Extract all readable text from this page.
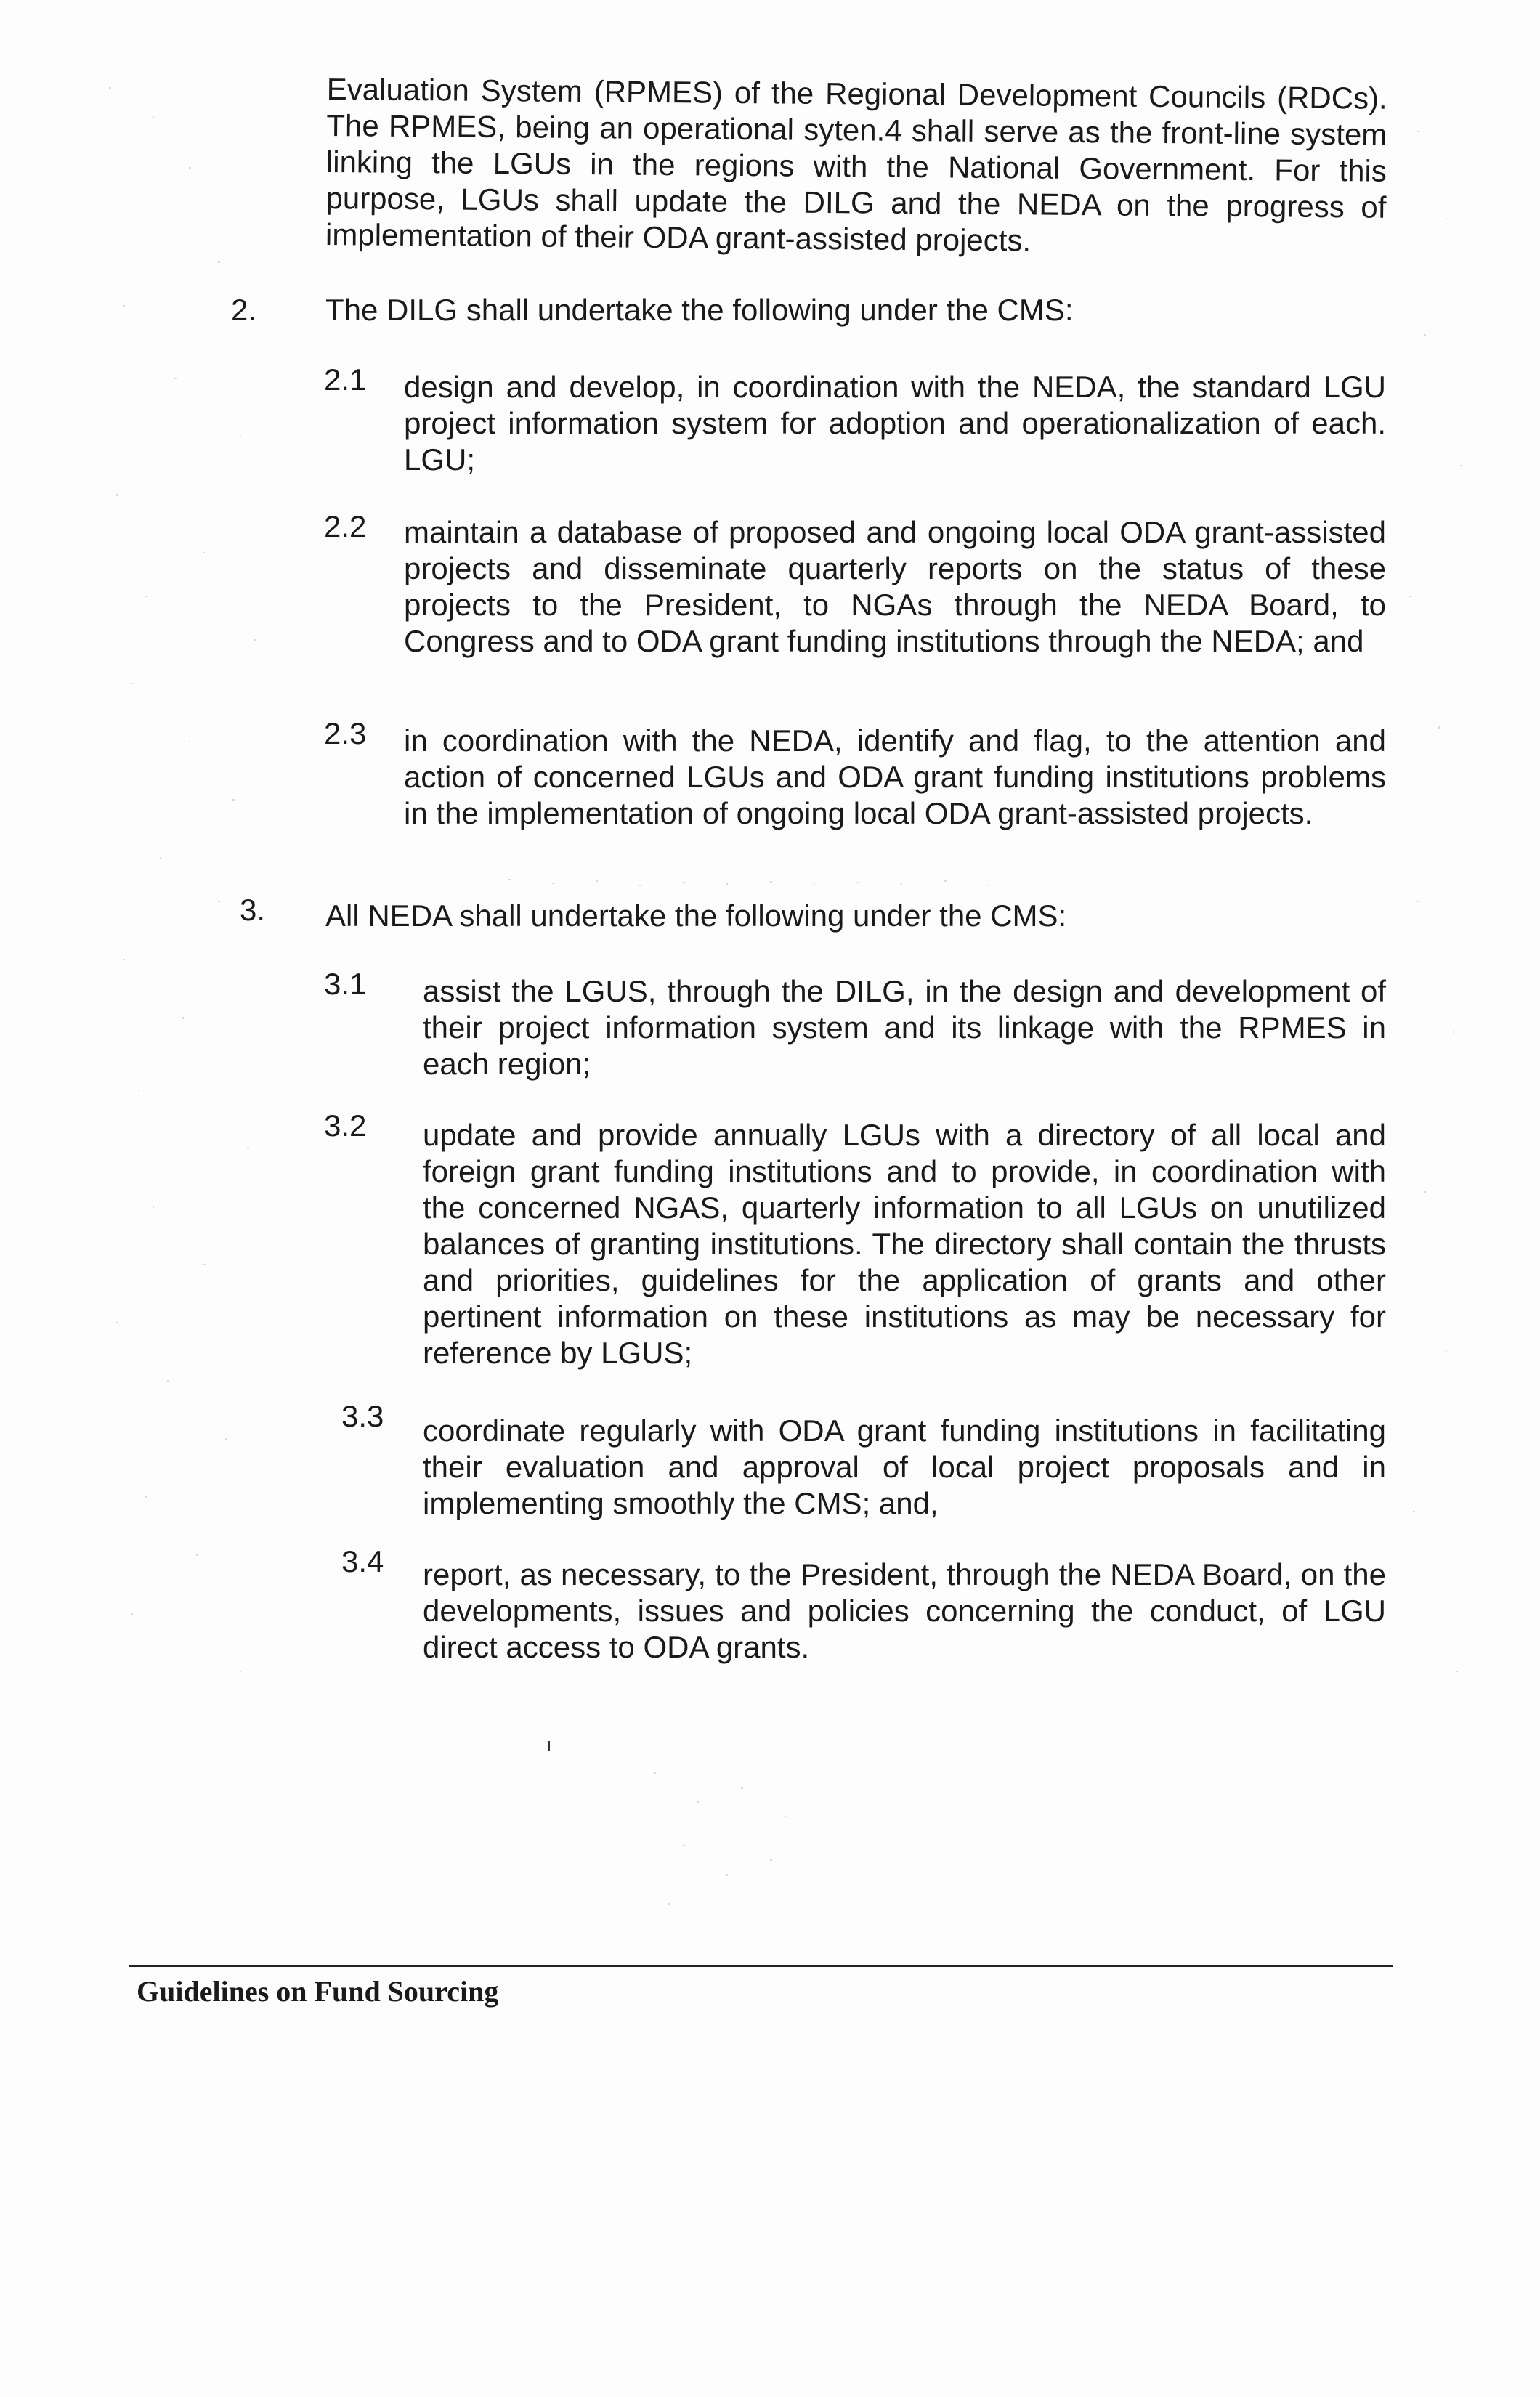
Evaluation System (RPMES) of the Regional Development Councils (RDCs). The RPMES, being an operational syten.4 shall serve as the front-line system linking the LGUs in the regions with the National Government. For this purpose, LGUs shall update the DILG and the NEDA on the progress of implementation of their ODA grant-assisted projects.
2. The DILG shall undertake the following under the CMS:
2.1 design and develop, in coordination with the NEDA, the standard LGU project information system for adoption and operationalization of each. LGU;
2.2 maintain a database of proposed and ongoing local ODA grant-assisted projects and disseminate quarterly reports on the status of these projects to the President, to NGAs through the NEDA Board, to Congress and to ODA grant funding institutions through the NEDA; and
2.3 in coordination with the NEDA, identify and flag, to the attention and action of concerned LGUs and ODA grant funding institutions problems in the implementation of ongoing local ODA grant-assisted projects.
3. All NEDA shall undertake the following under the CMS:
3.1 assist the LGUS, through the DILG, in the design and development of their project information system and its linkage with the RPMES in each region;
3.2 update and provide annually LGUs with a directory of all local and foreign grant funding institutions and to provide, in coordination with the concerned NGAS, quarterly information to all LGUs on unutilized balances of granting institutions. The directory shall contain the thrusts and priorities, guidelines for the application of grants and other pertinent information on these institutions as may be necessary for reference by LGUS;
3.3 coordinate regularly with ODA grant funding institutions in facilitating their evaluation and approval of local project proposals and in implementing smoothly the CMS; and,
3.4 report, as necessary, to the President, through the NEDA Board, on the developments, issues and policies concerning the conduct, of LGU direct access to ODA grants.
Guidelines on Fund Sourcing
